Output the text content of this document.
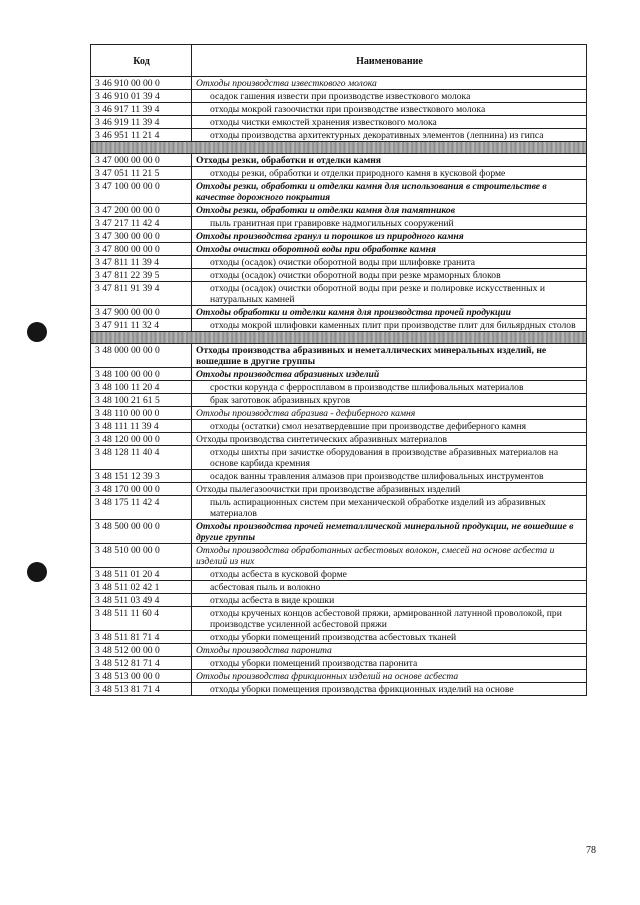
Код	Наименование
3 46 910 00 00 0	Отходы производства известкового молока
3 46 910 01 39 4	осадок гашения извести при производстве известкового молока
3 46 917 11 39 4	отходы мокрой газоочистки при производстве известкового молока
3 46 919 11 39 4	отходы чистки емкостей хранения известкового молока
3 46 951 11 21 4	отходы производства архитектурных декоративных элементов (лепнина) из гипса

3 47 000 00 00 0	Отходы резки, обработки и отделки камня
3 47 051 11 21 5	отходы резки, обработки и отделки природного камня в кусковой форме
3 47 100 00 00 0	Отходы резки, обработки и отделки камня для использования в строительстве в качестве дорожного покрытия
3 47 200 00 00 0	Отходы резки, обработки и отделки камня для памятников
3 47 217 11 42 4	пыль гранитная при гравировке надмогильных сооружений
3 47 300 00 00 0	Отходы производства гранул и порошков из природного камня
3 47 800 00 00 0	Отходы очистки оборотной воды при обработке камня
3 47 811 11 39 4	отходы (осадок) очистки оборотной воды при шлифовке гранита
3 47 811 22 39 5	отходы (осадок) очистки оборотной воды при резке мраморных блоков
3 47 811 91 39 4	отходы (осадок) очистки оборотной воды при резке и полировке искусственных и натуральных камней
3 47 900 00 00 0	Отходы обработки и отделки камня для производства прочей продукции
3 47 911 11 32 4	отходы мокрой шлифовки каменных плит при производстве плит для бильярдных столов

3 48 000 00 00 0	Отходы производства абразивных и неметаллических минеральных изделий, не вошедшие в другие группы
3 48 100 00 00 0	Отходы производства абразивных изделий
3 48 100 11 20 4	сростки корунда с ферросплавом в производстве шлифовальных материалов
3 48 100 21 61 5	брак заготовок абразивных кругов
3 48 110 00 00 0	Отходы производства абразива - дефиберного камня
3 48 111 11 39 4	отходы (остатки) смол незатвердевшие при производстве дефиберного камня
3 48 120 00 00 0	Отходы производства синтетических абразивных материалов
3 48 128 11 40 4	отходы шихты при зачистке оборудования в производстве абразивных материалов на основе карбида кремния
3 48 151 12 39 3	осадок ванны травления алмазов при производстве шлифовальных инструментов
3 48 170 00 00 0	Отходы пылегазоочистки при производстве абразивных изделий
3 48 175 11 42 4	пыль аспирационных систем при механической обработке изделий из абразивных материалов
3 48 500 00 00 0	Отходы производства прочей неметаллической минеральной продукции, не вошедшие в другие группы
3 48 510 00 00 0	Отходы производства обработанных асбестовых волокон, смесей на основе асбеста и изделий из них
3 48 511 01 20 4	отходы асбеста в кусковой форме
3 48 511 02 42 1	асбестовая пыль и волокно
3 48 511 03 49 4	отходы асбеста в виде крошки
3 48 511 11 60 4	отходы крученых концов асбестовой пряжи, армированной латунной проволокой, при производстве усиленной асбестовой пряжи
3 48 511 81 71 4	отходы уборки помещений производства асбестовых тканей
3 48 512 00 00 0	Отходы производства паронита
3 48 512 81 71 4	отходы уборки помещений производства паронита
3 48 513 00 00 0	Отходы производства фрикционных изделий на основе асбеста
3 48 513 81 71 4	отходы уборки помещения производства фрикционных изделий на основе
78
